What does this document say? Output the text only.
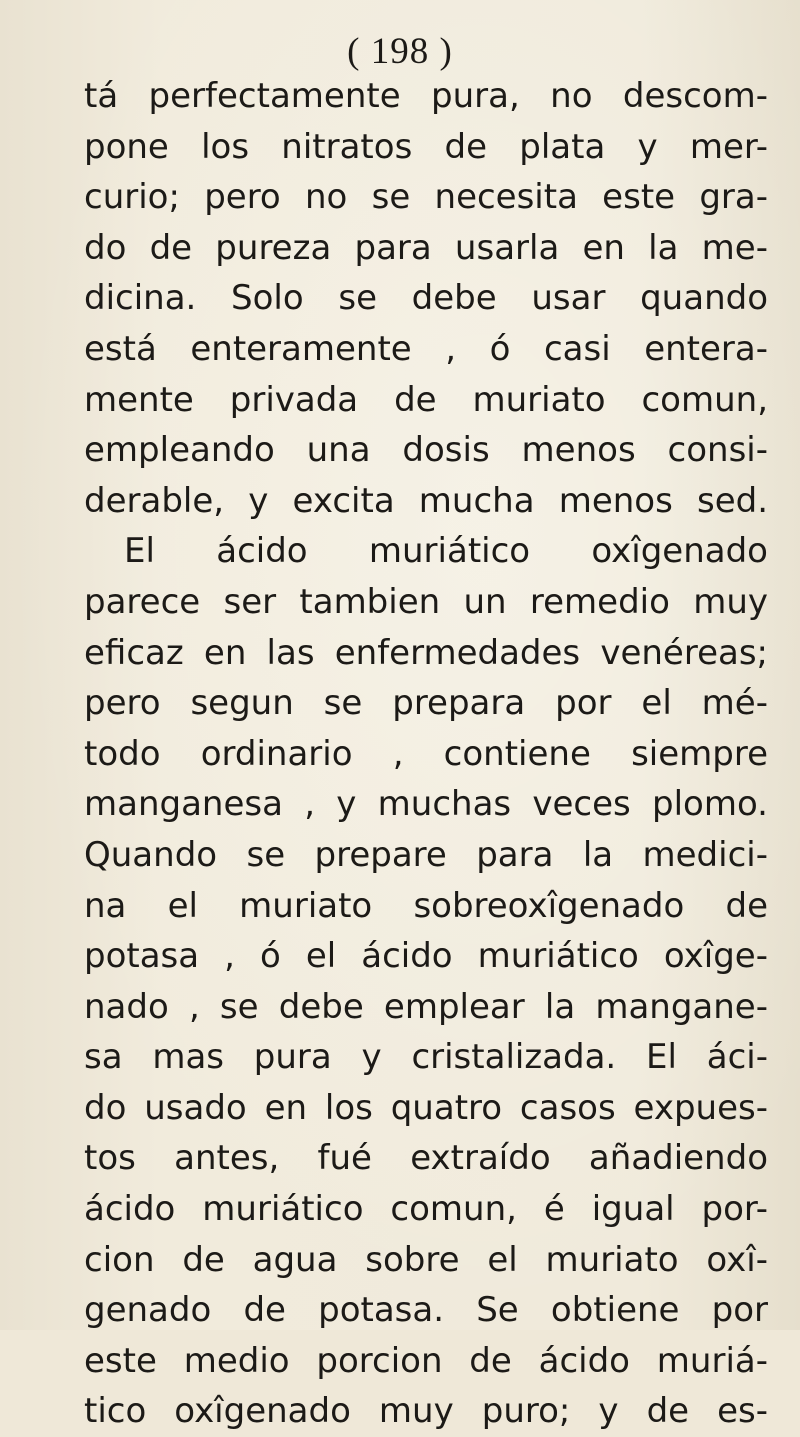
( 198 )
tá perfectamente pura, no descom-
pone los nitratos de plata y mer-
curio; pero no se necesita este gra-
do de pureza para usarla en la me-
dicina. Solo se debe usar quando
está enteramente , ó casi entera-
mente privada de muriato comun,
empleando una dosis menos consi-
derable, y excita mucha menos sed.
El ácido muriático oxîgenado
parece ser tambien un remedio muy
eficaz en las enfermedades venéreas;
pero segun se prepara por el mé-
todo ordinario , contiene siempre
manganesa , y muchas veces plomo.
Quando se prepare para la medici-
na el muriato sobreoxîgenado de
potasa , ó el ácido muriático oxîge-
nado , se debe emplear la mangane-
sa mas pura y cristalizada. El áci-
do usado en los quatro casos expues-
tos antes, fué extraído añadiendo
ácido muriático comun, é igual por-
cion de agua sobre el muriato oxî-
genado de potasa. Se obtiene por
este medio porcion de ácido muriá-
tico oxîgenado muy puro; y de es-
